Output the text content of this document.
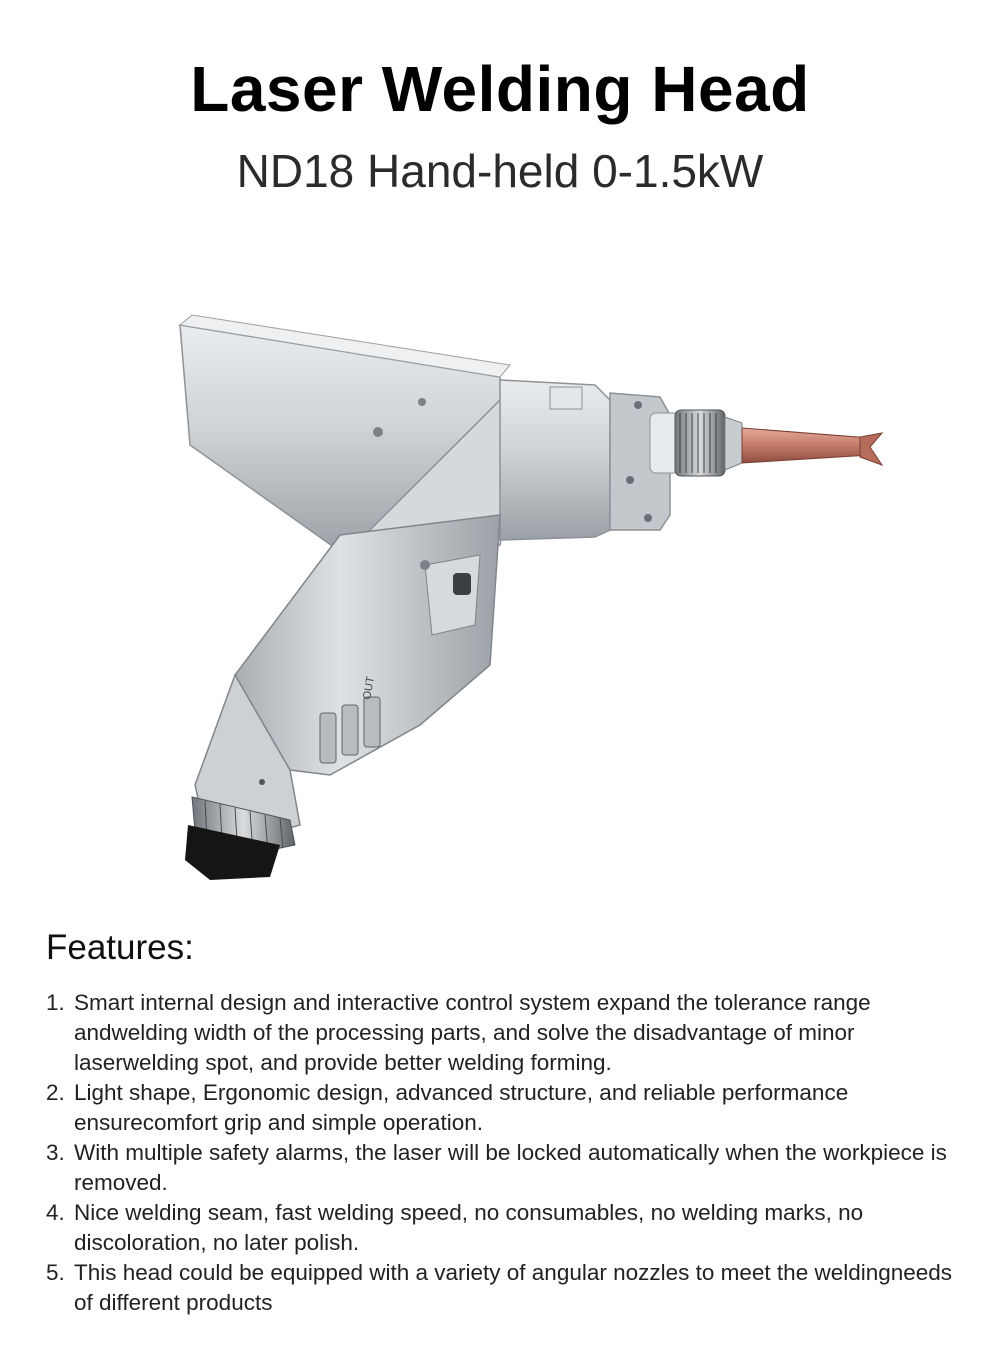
Laser Welding Head
ND18 Hand-held 0-1.5kW
OUT
Features:
1. Smart internal design and interactive control system expand the tolerance range andwelding width of the processing parts, and solve the disadvantage of minor laserwelding spot, and provide better welding forming.
2. Light shape, Ergonomic design, advanced structure, and reliable performance ensurecomfort grip and simple operation.
3. With multiple safety alarms, the laser will be locked automatically when the workpiece is removed.
4. Nice welding seam, fast welding speed, no consumables, no welding marks, no discoloration, no later polish.
5. This head could be equipped with a variety of angular nozzles to meet the weldingneeds of different products
